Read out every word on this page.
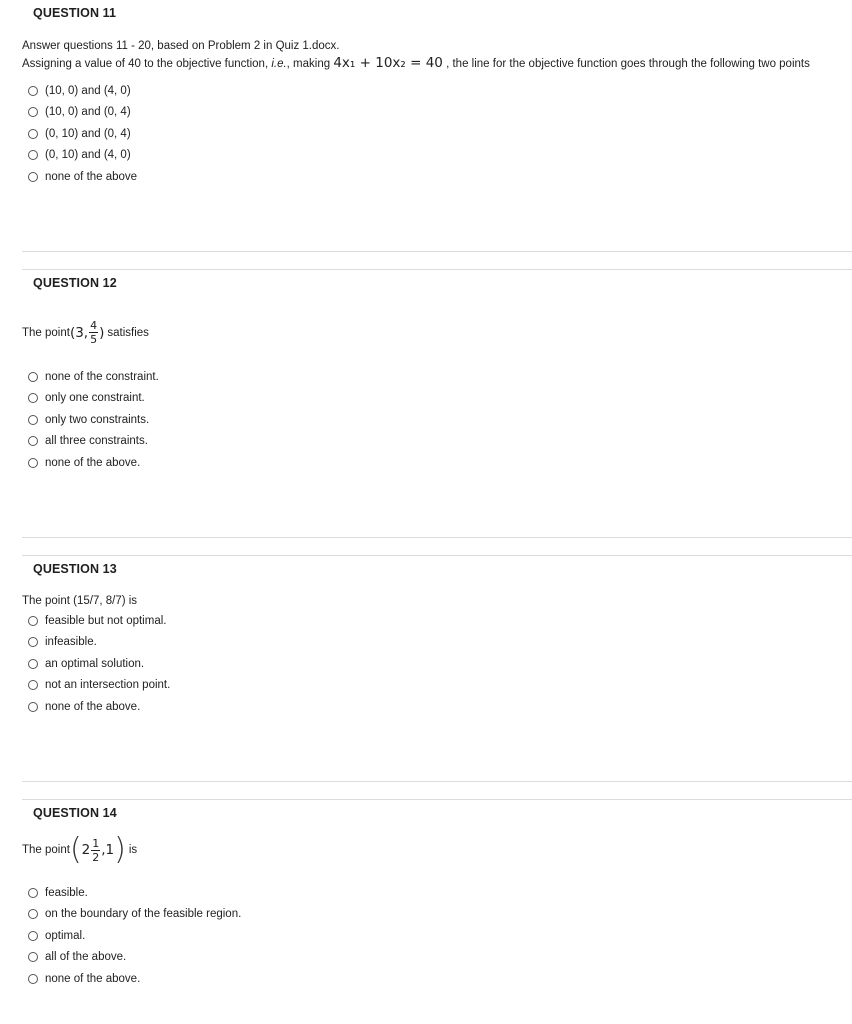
QUESTION 11
Answer questions 11 - 20, based on Problem 2 in Quiz 1.docx.
Assigning a value of 40 to the objective function, i.e., making 4x₁ + 10x₂ = 40 , the line for the objective function goes through the following two points
(10, 0) and (4, 0)
(10, 0) and (0, 4)
(0, 10) and (0, 4)
(0, 10) and (4, 0)
none of the above
QUESTION 12
The point (3, $\frac{4}{5}$ ) satisfies
none of the constraint.
only one constraint.
only two constraints.
all three constraints.
none of the above.
QUESTION 13
The point (15/7, 8/7) is
feasible but not optimal.
infeasible.
an optimal solution.
not an intersection point.
none of the above.
QUESTION 14
The point ( $2 \frac{1}{2} ,1$ ) is
feasible.
on the boundary of the feasible region.
optimal.
all of the above.
none of the above.
